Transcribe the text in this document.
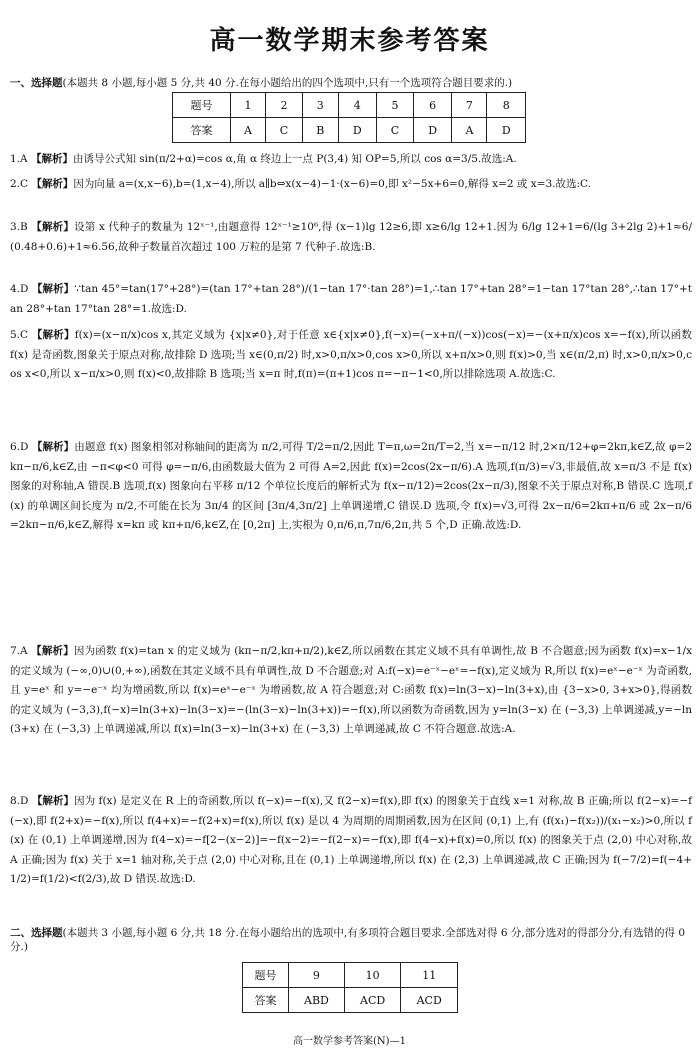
高一数学期末参考答案
一、选择题(本题共 8 小题,每小题 5 分,共 40 分.在每小题给出的四个选项中,只有一个选项符合题目要求的.)
题号	1	2	3	4	5	6	7	8
答案	A	C	B	D	C	D	A	D
1.A 【解析】由诱导公式知 sin(π/2+α)=cos α,角 α 终边上一点 P(3,4) 知 OP=5,所以 cos α=3/5.故选:A.
2.C 【解析】因为向量 a=(x,x−6),b=(1,x−4),所以 a∥b⇔x(x−4)−1·(x−6)=0,即 x²−5x+6=0,解得 x=2 或 x=3.故选:C.
3.B 【解析】设第 x 代种子的数量为 12ˣ⁻¹,由题意得 12ˣ⁻¹≥10⁶,得 (x−1)lg 12≥6,即 x≥6/lg 12+1.因为 6/lg 12+1=6/(lg 3+2lg 2)+1≈6/(0.48+0.6)+1≈6.56,故种子数量首次超过 100 万粒的是第 7 代种子.故选:B.
4.D 【解析】∵tan 45°=tan(17°+28°)=(tan 17°+tan 28°)/(1−tan 17°·tan 28°)=1,∴tan 17°+tan 28°=1−tan 17°tan 28°,∴tan 17°+tan 28°+tan 17°tan 28°=1.故选:D.
5.C 【解析】f(x)=(x−π/x)cos x,其定义域为 {x|x≠0},对于任意 x∈{x|x≠0},f(−x)=(−x+π/(−x))cos(−x)=−(x+π/x)cos x=−f(x),所以函数 f(x) 是奇函数,图象关于原点对称,故排除 D 选项;当 x∈(0,π/2) 时,x>0,π/x>0,cos x>0,所以 x+π/x>0,则 f(x)>0,当 x∈(π/2,π) 时,x>0,π/x>0,cos x<0,所以 x−π/x>0,则 f(x)<0,故排除 B 选项;当 x=π 时,f(π)=(π+1)cos π=−π−1<0,所以排除选项 A.故选:C.
6.D 【解析】由题意 f(x) 图象相邻对称轴间的距离为 π/2,可得 T/2=π/2,因此 T=π,ω=2π/T=2,当 x=−π/12 时,2×π/12+φ=2kπ,k∈Z,故 φ=2kπ−π/6,k∈Z,由 −π<φ<0 可得 φ=−π/6,由函数最大值为 2 可得 A=2,因此 f(x)=2cos(2x−π/6).A 选项,f(π/3)=√3,非最值,故 x=π/3 不是 f(x) 图象的对称轴,A 错误.B 选项,f(x) 图象向右平移 π/12 个单位长度后的解析式为 f(x−π/12)=2cos(2x−π/3),图象不关于原点对称,B 错误.C 选项,f(x) 的单调区间长度为 π/2,不可能在长为 3π/4 的区间 [3π/4,3π/2] 上单调递增,C 错误.D 选项,令 f(x)=√3,可得 2x−π/6=2kπ+π/6 或 2x−π/6=2kπ−π/6,k∈Z,解得 x=kπ 或 kπ+π/6,k∈Z,在 [0,2π] 上,实根为 0,π/6,π,7π/6,2π,共 5 个,D 正确.故选:D.
7.A 【解析】因为函数 f(x)=tan x 的定义域为 (kπ−π/2,kπ+π/2),k∈Z,所以函数在其定义域不具有单调性,故 B 不合题意;因为函数 f(x)=x−1/x 的定义域为 (−∞,0)∪(0,+∞),函数在其定义域不具有单调性,故 D 不合题意;对 A:f(−x)=e⁻ˣ−eˣ=−f(x),定义域为 R,所以 f(x)=eˣ−e⁻ˣ 为奇函数,且 y=eˣ 和 y=−e⁻ˣ 均为增函数,所以 f(x)=eˣ−e⁻ˣ 为增函数,故 A 符合题意;对 C:函数 f(x)=ln(3−x)−ln(3+x),由 {3−x>0, 3+x>0},得函数的定义域为 (−3,3),f(−x)=ln(3+x)−ln(3−x)=−(ln(3−x)−ln(3+x))=−f(x),所以函数为奇函数,因为 y=ln(3−x) 在 (−3,3) 上单调递减,y=−ln(3+x) 在 (−3,3) 上单调递减,所以 f(x)=ln(3−x)−ln(3+x) 在 (−3,3) 上单调递减,故 C 不符合题意.故选:A.
8.D 【解析】因为 f(x) 是定义在 R 上的奇函数,所以 f(−x)=−f(x),又 f(2−x)=f(x),即 f(x) 的图象关于直线 x=1 对称,故 B 正确;所以 f(2−x)=−f(−x),即 f(2+x)=−f(x),所以 f(4+x)=−f(2+x)=f(x),所以 f(x) 是以 4 为周期的周期函数,因为在区间 (0,1) 上,有 (f(x₁)−f(x₂))/(x₁−x₂)>0,所以 f(x) 在 (0,1) 上单调递增,因为 f(4−x)=−f[2−(x−2)]=−f(x−2)=−f(2−x)=−f(x),即 f(4−x)+f(x)=0,所以 f(x) 的图象关于点 (2,0) 中心对称,故 A 正确;因为 f(x) 关于 x=1 轴对称,关于点 (2,0) 中心对称,且在 (0,1) 上单调递增,所以 f(x) 在 (2,3) 上单调递减,故 C 正确;因为 f(−7/2)=f(−4+1/2)=f(1/2)<f(2/3),故 D 错误.故选:D.
二、选择题(本题共 3 小题,每小题 6 分,共 18 分.在每小题给出的选项中,有多项符合题目要求.全部选对得 6 分,部分选对的得部分分,有选错的得 0 分.)
题号	9	10	11
答案	ABD	ACD	ACD
高一数学参考答案(N)—1
